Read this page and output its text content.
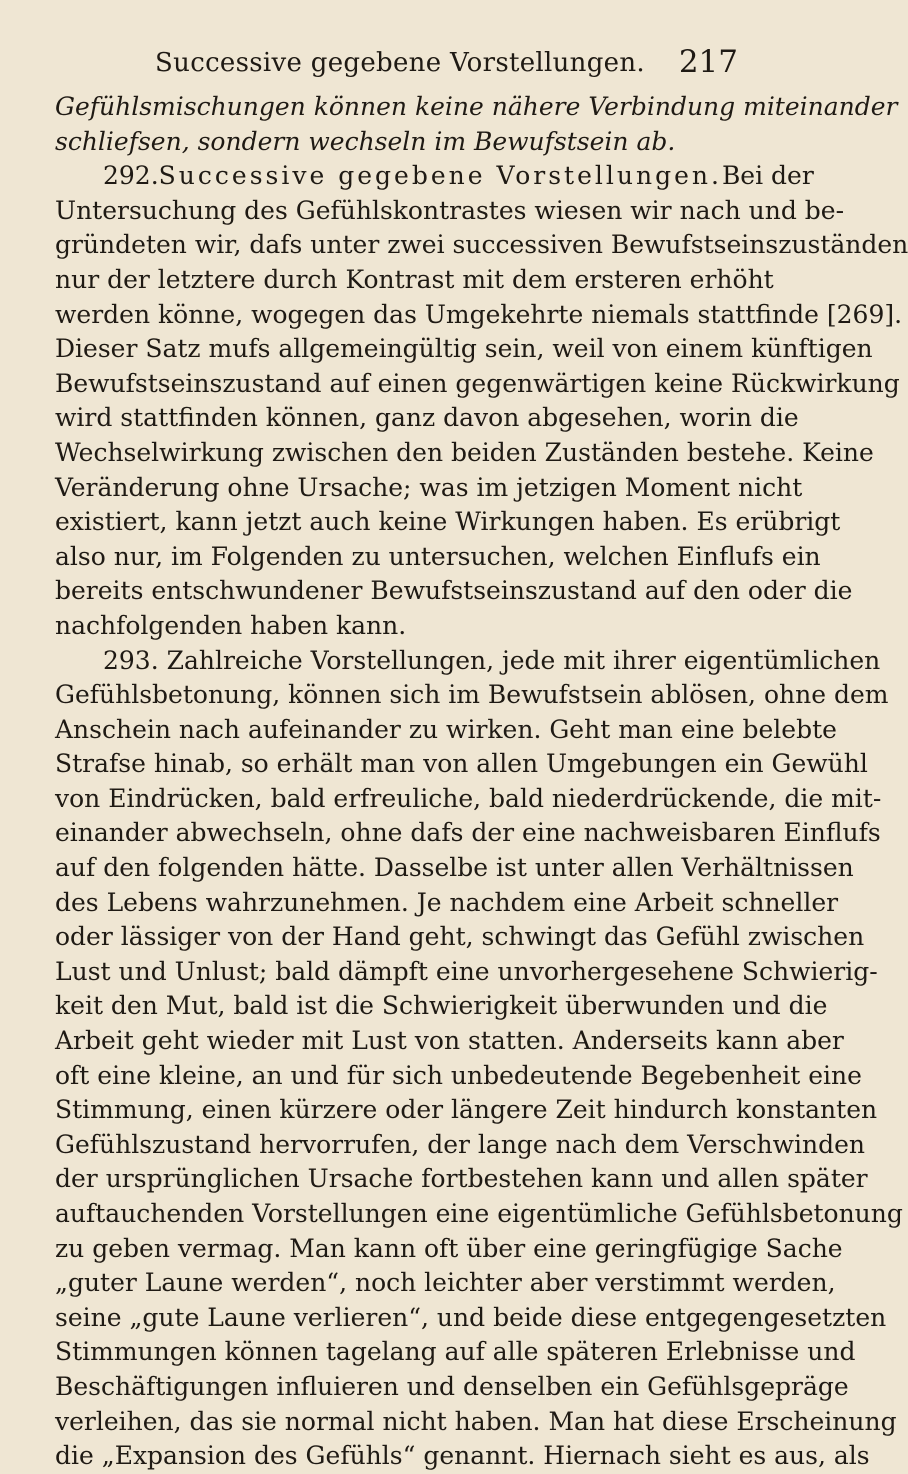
Successive gegebene Vorstellungen.	217
Gefühlsmischungen können keine nähere Verbindung miteinander
schliefsen, sondern wechseln im Bewufstsein ab.
292. Successive gegebene Vorstellungen. Bei der
Untersuchung des Gefühlskontrastes wiesen wir nach und be-
gründeten wir, dafs unter zwei successiven Bewufstseinszuständen
nur der letztere durch Kontrast mit dem ersteren erhöht
werden könne, wogegen das Umgekehrte niemals stattfinde [269].
Dieser Satz mufs allgemeingültig sein, weil von einem künftigen
Bewufstseinszustand auf einen gegenwärtigen keine Rückwirkung
wird stattfinden können, ganz davon abgesehen, worin die
Wechselwirkung zwischen den beiden Zuständen bestehe. Keine
Veränderung ohne Ursache; was im jetzigen Moment nicht
existiert, kann jetzt auch keine Wirkungen haben. Es erübrigt
also nur, im Folgenden zu untersuchen, welchen Einflufs ein
bereits entschwundener Bewufstseinszustand auf den oder die
nachfolgenden haben kann.
293. Zahlreiche Vorstellungen, jede mit ihrer eigentümlichen
Gefühlsbetonung, können sich im Bewufstsein ablösen, ohne dem
Anschein nach aufeinander zu wirken. Geht man eine belebte
Strafse hinab, so erhält man von allen Umgebungen ein Gewühl
von Eindrücken, bald erfreuliche, bald niederdrückende, die mit-
einander abwechseln, ohne dafs der eine nachweisbaren Einflufs
auf den folgenden hätte. Dasselbe ist unter allen Verhältnissen
des Lebens wahrzunehmen. Je nachdem eine Arbeit schneller
oder lässiger von der Hand geht, schwingt das Gefühl zwischen
Lust und Unlust; bald dämpft eine unvorhergesehene Schwierig-
keit den Mut, bald ist die Schwierigkeit überwunden und die
Arbeit geht wieder mit Lust von statten. Anderseits kann aber
oft eine kleine, an und für sich unbedeutende Begebenheit eine
Stimmung, einen kürzere oder längere Zeit hindurch konstanten
Gefühlszustand hervorrufen, der lange nach dem Verschwinden
der ursprünglichen Ursache fortbestehen kann und allen später
auftauchenden Vorstellungen eine eigentümliche Gefühlsbetonung
zu geben vermag. Man kann oft über eine geringfügige Sache
„guter Laune werden“, noch leichter aber verstimmt werden,
seine „gute Laune verlieren“, und beide diese entgegengesetzten
Stimmungen können tagelang auf alle späteren Erlebnisse und
Beschäftigungen influieren und denselben ein Gefühlsgepräge
verleihen, das sie normal nicht haben. Man hat diese Erscheinung
die „Expansion des Gefühls“ genannt. Hiernach sieht es aus, als
